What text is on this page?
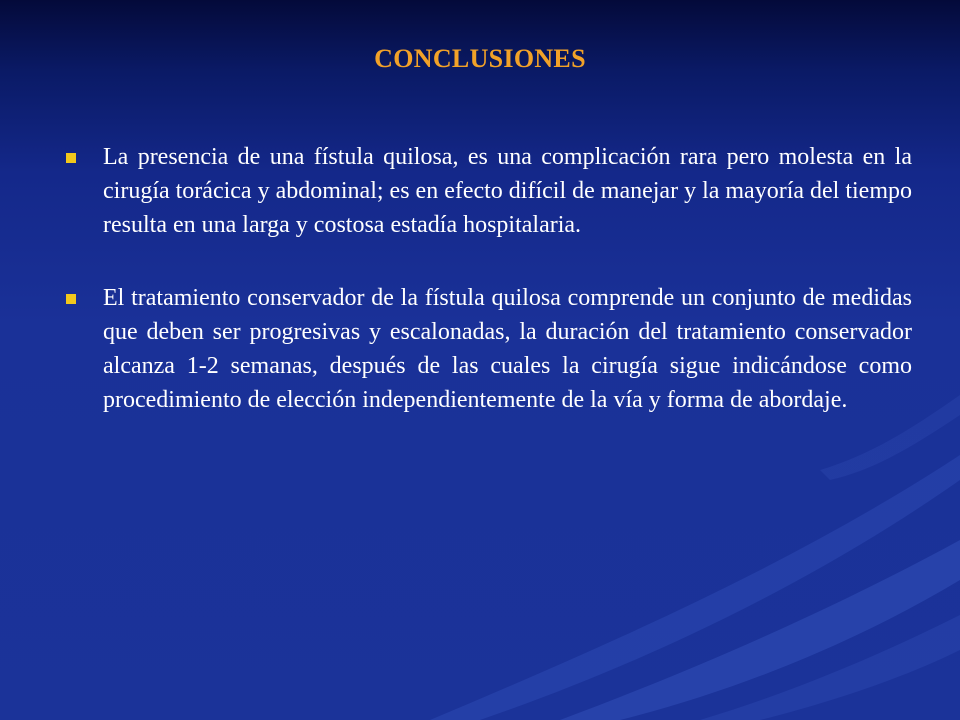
CONCLUSIONES
La presencia de una fístula quilosa, es una complicación rara pero molesta en la cirugía torácica y abdominal; es en efecto difícil de manejar y la mayoría del tiempo resulta en una larga y costosa estadía hospitalaria.
El tratamiento conservador de la fístula quilosa comprende un conjunto de medidas que deben ser progresivas y escalonadas, la duración del tratamiento conservador alcanza 1-2 semanas, después de las cuales la cirugía sigue indicándose como procedimiento de elección independientemente de la vía y forma de abordaje.
